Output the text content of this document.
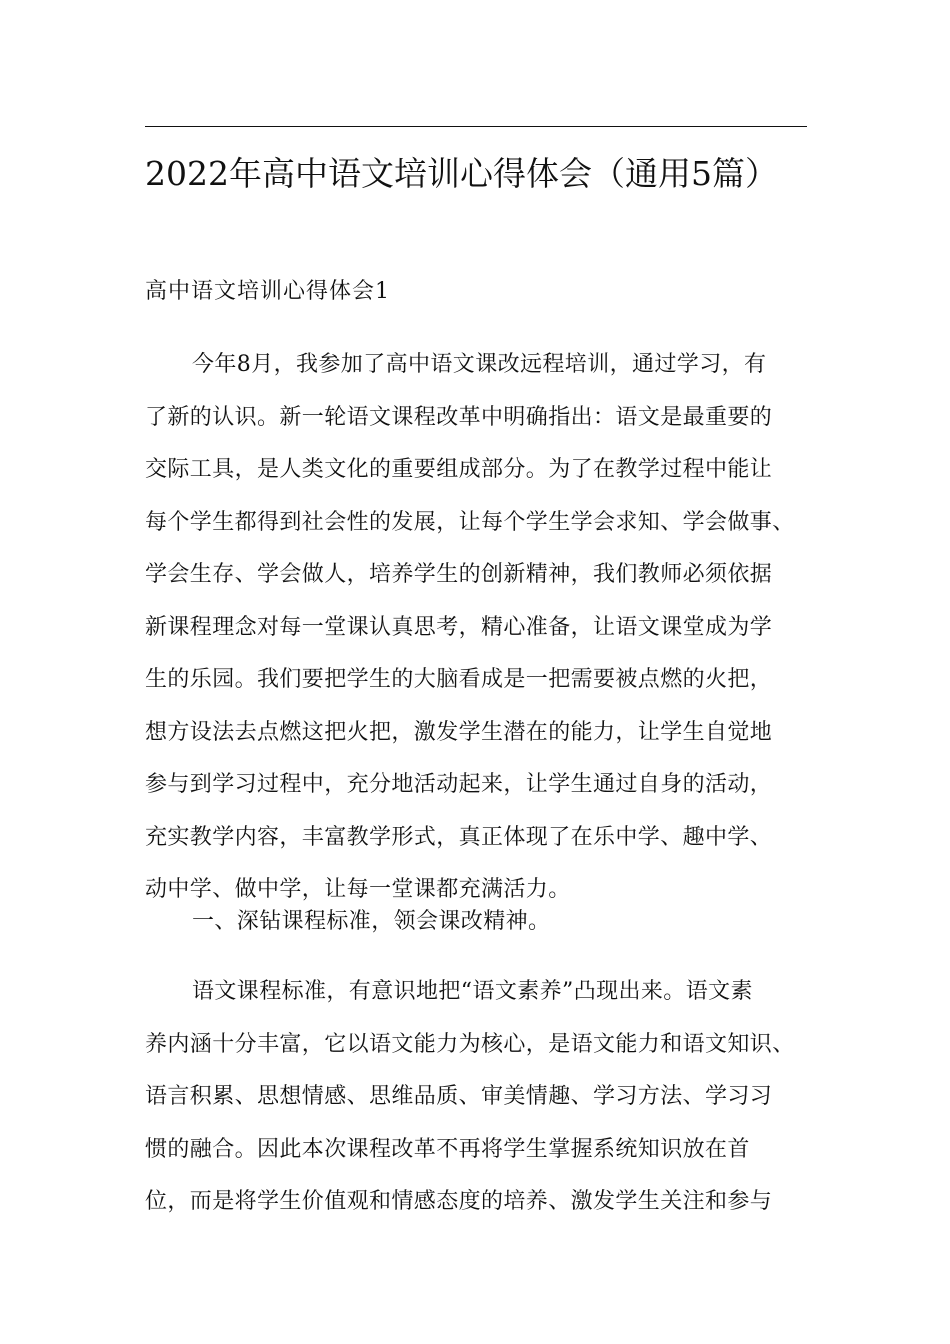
2022年高中语文培训心得体会（通用5篇）
高中语文培训心得体会1
今年8月，我参加了高中语文课改远程培训，通过学习，有
了新的认识。新一轮语文课程改革中明确指出：语文是最重要的
交际工具，是人类文化的重要组成部分。为了在教学过程中能让
每个学生都得到社会性的发展，让每个学生学会求知、学会做事、
学会生存、学会做人，培养学生的创新精神，我们教师必须依据
新课程理念对每一堂课认真思考，精心准备，让语文课堂成为学
生的乐园。我们要把学生的大脑看成是一把需要被点燃的火把，
想方设法去点燃这把火把，激发学生潜在的能力，让学生自觉地
参与到学习过程中，充分地活动起来，让学生通过自身的活动，
充实教学内容，丰富教学形式，真正体现了在乐中学、趣中学、
动中学、做中学，让每一堂课都充满活力。
一、深钻课程标准，领会课改精神。
语文课程标准，有意识地把“语文素养”凸现出来。语文素
养内涵十分丰富，它以语文能力为核心，是语文能力和语文知识、
语言积累、思想情感、思维品质、审美情趣、学习方法、学习习
惯的融合。因此本次课程改革不再将学生掌握系统知识放在首
位，而是将学生价值观和情感态度的培养、激发学生关注和参与
